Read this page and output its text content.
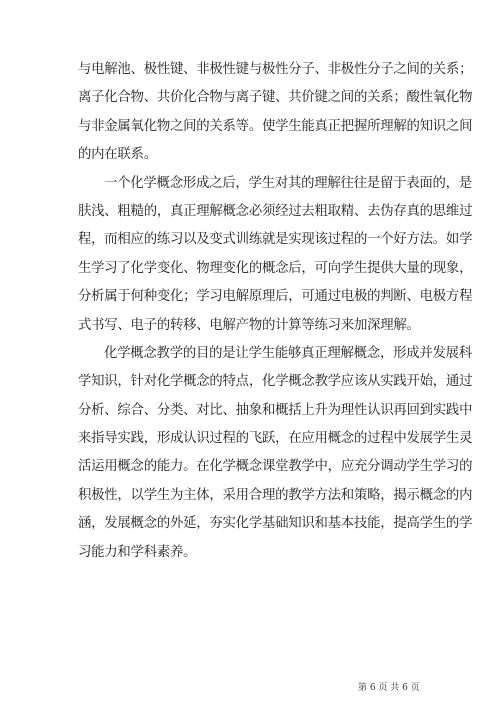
与电解池、极性键、非极性键与极性分子、非极性分子之间的关系；
离子化合物、共价化合物与离子键、共价键之间的关系；酸性氧化物
与非金属氧化物之间的关系等。使学生能真正把握所理解的知识之间
的内在联系。
一个化学概念形成之后，学生对其的理解往往是留于表面的，是
肤浅、粗糙的，真正理解概念必须经过去粗取精、去伪存真的思维过
程，而相应的练习以及变式训练就是实现该过程的一个好方法。如学
生学习了化学变化、物理变化的概念后，可向学生提供大量的现象，
分析属于何种变化；学习电解原理后，可通过电极的判断、电极方程
式书写、电子的转移、电解产物的计算等练习来加深理解。
化学概念教学的目的是让学生能够真正理解概念，形成并发展科
学知识，针对化学概念的特点，化学概念教学应该从实践开始，通过
分析、综合、分类、对比、抽象和概括上升为理性认识再回到实践中
来指导实践，形成认识过程的飞跃，在应用概念的过程中发展学生灵
活运用概念的能力。在化学概念课堂教学中，应充分调动学生学习的
积极性，以学生为主体，采用合理的教学方法和策略，揭示概念的内
涵，发展概念的外延，夯实化学基础知识和基本技能，提高学生的学
习能力和学科素养。
第 6 页 共 6 页
